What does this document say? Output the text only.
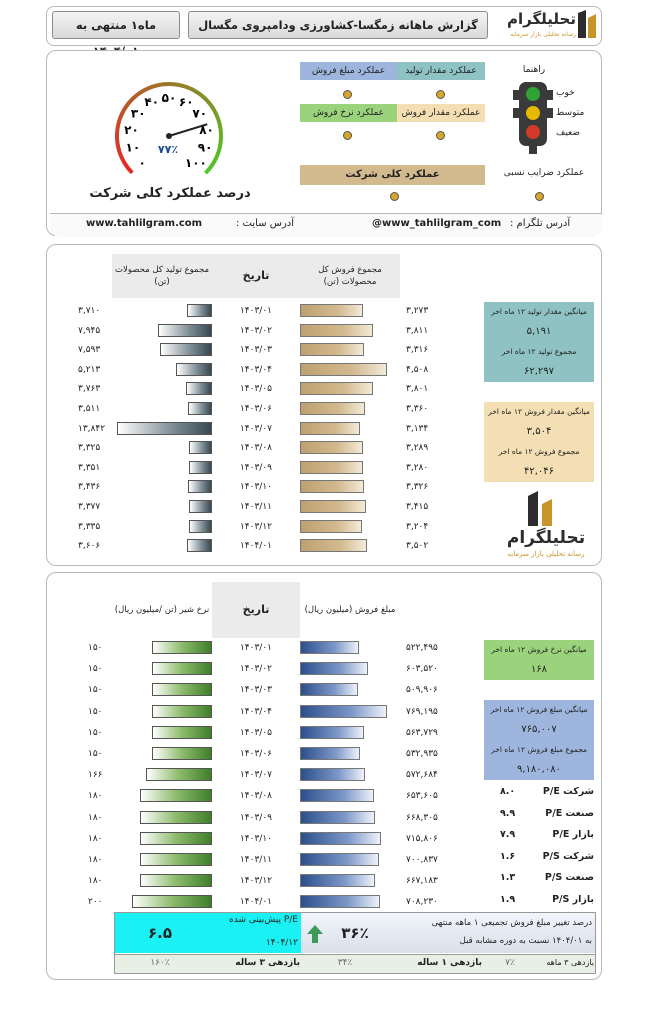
ماه۱ منتهی به	گزارش ماهانه زمگسا-کشاورزی ودامپروی مگسال	تحلیلگرام
رسانه تحلیلی بازار سرمایه
۰
۱۰
۲۰
۳۰
۴۰ ۵۰ ۶۰
۷۰
۸۰
۹۰
۱۰۰
۷۷٪
درصد عملکرد کلی شرکت
عملکرد مبلغ فروش	عملکرد مقدار تولید
عملکرد نرخ فروش	عملکرد مقدار فروش
عملکرد کلی شرکت
راهنما
خوب
متوسط
ضعیف
عملکرد ضرایب نسبی
آدرس تلگرام :
@www_tahlilgram_com
آدرس سایت :
www.tahlilgram.com
مجموع تولید کل محصولات (تن)	تاریخ	مجموع فروش کل محصولات (تن)
۳,۷۱۰	۱۴۰۳/۰۱	۳,۲۷۳
۷,۹۴۵	۱۴۰۳/۰۲	۳,۸۱۱
۷,۵۹۳	۱۴۰۳/۰۳	۳,۳۱۶
۵,۲۱۳	۱۴۰۳/۰۴	۴,۵۰۸
۳,۷۶۳	۱۴۰۳/۰۵	۳,۸۰۱
۳,۵۱۱	۱۴۰۳/۰۶	۳,۳۶۰
۱۳,۸۴۲	۱۴۰۳/۰۷	۳,۱۳۴
۳,۳۲۵	۱۴۰۳/۰۸	۳,۲۸۹
۳,۳۵۱	۱۴۰۳/۰۹	۳,۲۸۰
۳,۴۳۶	۱۴۰۳/۱۰	۳,۳۲۶
۳,۳۷۷	۱۴۰۳/۱۱	۳,۴۱۵
۳,۳۳۵	۱۴۰۳/۱۲	۳,۲۰۴
۳,۶۰۶	۱۴۰۴/۰۱	۳,۵۰۲
میانگین مقدار تولید ۱۲ ماه اخر
۵,۱۹۱
مجموع تولید ۱۲ ماه اخر
۶۲,۲۹۷
میانگین مقدار فروش ۱۲ ماه اخر
۳,۵۰۴
مجموع فروش ۱۲ ماه اخر
۴۲,۰۴۶
تحلیلگرام
رسانه تحلیلی بازار سرمایه
نرخ شیر (تن /میلیون ریال)	تاریخ	مبلغ فروش (میلیون ریال)
۱۵۰	۱۴۰۳/۰۱	۵۲۲,۴۹۵
۱۵۰	۱۴۰۳/۰۲	۶۰۳,۵۲۰
۱۵۰	۱۴۰۳/۰۳	۵۰۹,۹۰۶
۱۵۰	۱۴۰۳/۰۴	۷۶۹,۱۹۵
۱۵۰	۱۴۰۳/۰۵	۵۶۳,۷۲۹
۱۵۰	۱۴۰۳/۰۶	۵۳۲,۹۳۵
۱۶۶	۱۴۰۳/۰۷	۵۷۲,۶۸۴
۱۸۰	۱۴۰۳/۰۸	۶۵۳,۶۰۵
۱۸۰	۱۴۰۳/۰۹	۶۶۸,۳۰۵
۱۸۰	۱۴۰۳/۱۰	۷۱۵,۸۰۶
۱۸۰	۱۴۰۳/۱۱	۷۰۰,۸۳۷
۱۸۰	۱۴۰۳/۱۲	۶۶۷,۱۸۳
۲۰۰	۱۴۰۴/۰۱	۷۰۸,۲۳۰
میانگین نرخ فروش ۱۲ ماه اخر
۱۶۸
میانگین مبلغ فروش ۱۲ ماه اخر
۷۶۵,۰۰۷
مجموع مبلغ فروش ۱۲ ماه اخر
۹,۱۸۰,۰۸۰
۸.۰	P/E شرکت
۹.۹	P/E صنعت
۷.۹	P/E بازار
۱.۶	P/S شرکت
۱.۳	P/S صنعت
۱.۹	P/S بازار
P/E پیش‌بینی شده
۱۴۰۴/۱۲
۶.۵	۳۶٪
درصد تغییر مبلغ فروش تجمیعی ۱ ماهه منتهی
به ۱۴۰۴/۰۱ نسبت به دوره مشابه قبل
۱۶۰٪	بازدهی ۳ ساله	۳۴٪	بازدهی ۱ ساله	۷٪	بازدهی ۳ ماهه
